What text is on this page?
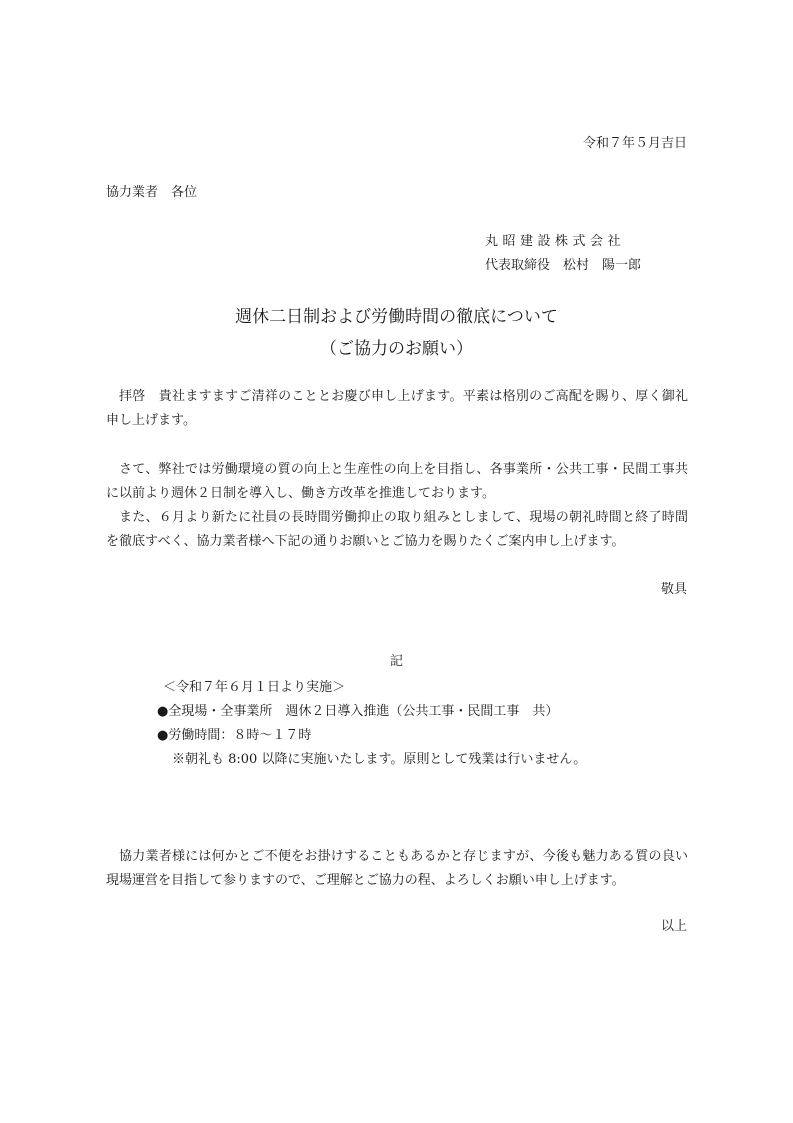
令和７年５月吉日
協力業者　各位
丸昭建設株式会社
代表取締役　松村　陽一郎
週休二日制および労働時間の徹底について
（ご協力のお願い）

拝啓　貴社ますますご清祥のこととお慶び申し上げます。平素は格別のご高配を賜り、厚く御礼申し上げます。

さて、弊社では労働環境の質の向上と生産性の向上を目指し、各事業所・公共工事・民間工事共に以前より週休２日制を導入し、働き方改革を推進しております。

また、６月より新たに社員の長時間労働抑止の取り組みとしまして、現場の朝礼時間と終了時間を徹底すべく、協力業者様へ下記の通りお願いとご協力を賜りたくご案内申し上げます。

敬具
記
＜令和７年６月１日より実施＞
●全現場・全事業所　週休２日導入推進（公共工事・民間工事　共）
●労働時間：８時～１７時
※朝礼も 8:00 以降に実施いたします。原則として残業は行いません。

協力業者様には何かとご不便をお掛けすることもあるかと存じますが、今後も魅力ある質の良い現場運営を目指して参りますので、ご理解とご協力の程、よろしくお願い申し上げます。

以上
